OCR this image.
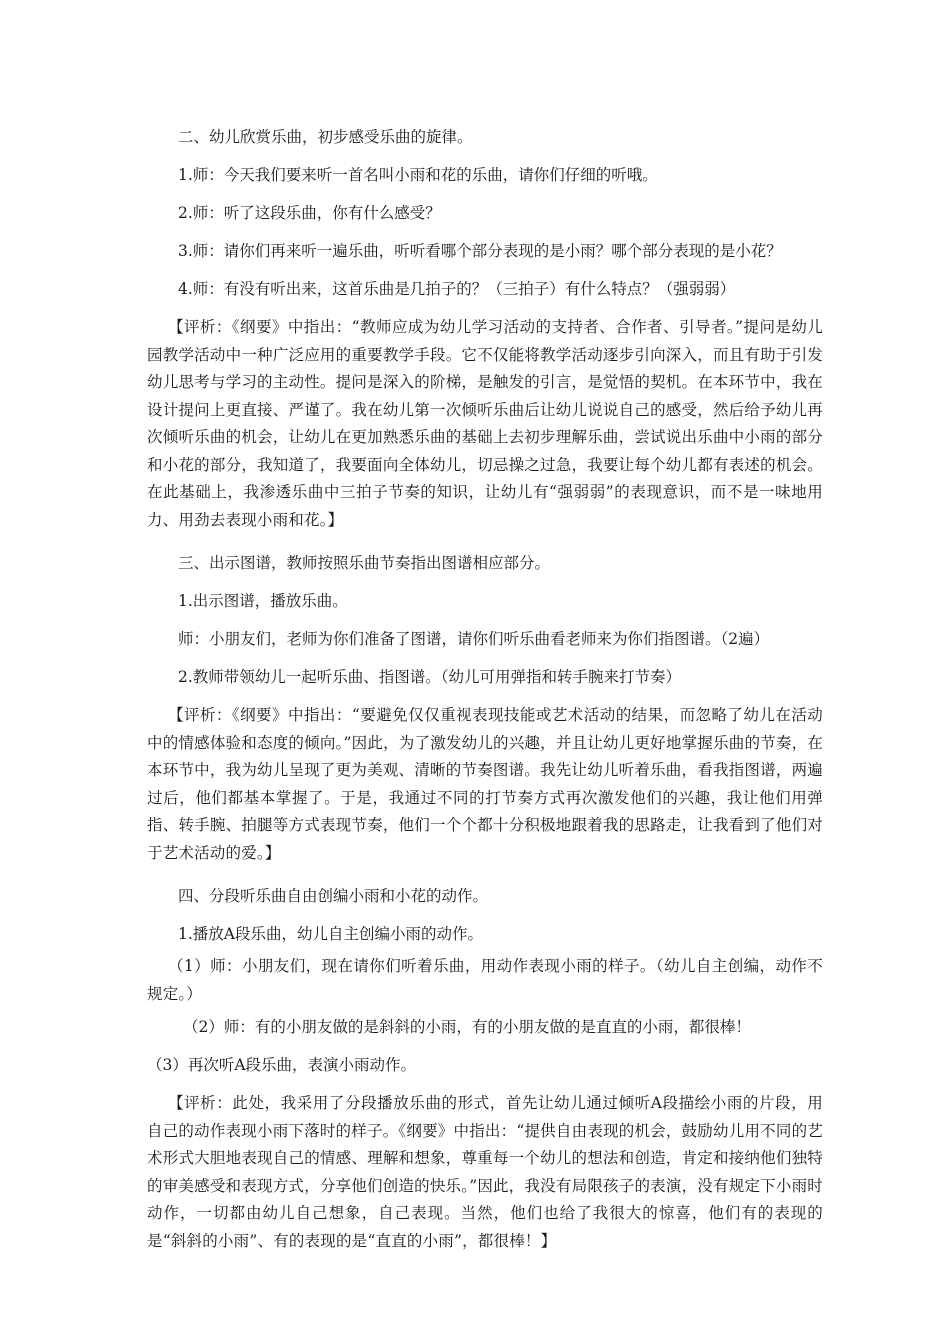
二、幼儿欣赏乐曲，初步感受乐曲的旋律。

1.师：今天我们要来听一首名叫小雨和花的乐曲，请你们仔细的听哦。

2.师：听了这段乐曲，你有什么感受？

3.师：请你们再来听一遍乐曲，听听看哪个部分表现的是小雨？哪个部分表现的是小花？

4.师：有没有听出来，这首乐曲是几拍子的？（三拍子）有什么特点？（强弱弱）

【评析：《纲要》中指出：“教师应成为幼儿学习活动的支持者、合作者、引导者。”提问是幼儿园教学活动中一种广泛应用的重要教学手段。它不仅能将教学活动逐步引向深入，而且有助于引发幼儿思考与学习的主动性。提问是深入的阶梯，是触发的引言，是觉悟的契机。在本环节中，我在设计提问上更直接、严谨了。我在幼儿第一次倾听乐曲后让幼儿说说自己的感受，然后给予幼儿再次倾听乐曲的机会，让幼儿在更加熟悉乐曲的基础上去初步理解乐曲，尝试说出乐曲中小雨的部分和小花的部分，我知道了，我要面向全体幼儿，切忌操之过急，我要让每个幼儿都有表述的机会。在此基础上，我渗透乐曲中三拍子节奏的知识，让幼儿有“强弱弱”的表现意识，而不是一味地用力、用劲去表现小雨和花。】

三、出示图谱，教师按照乐曲节奏指出图谱相应部分。

1.出示图谱，播放乐曲。

师：小朋友们，老师为你们准备了图谱，请你们听乐曲看老师来为你们指图谱。（2遍）

2.教师带领幼儿一起听乐曲、指图谱。（幼儿可用弹指和转手腕来打节奏）

【评析：《纲要》中指出：“要避免仅仅重视表现技能或艺术活动的结果，而忽略了幼儿在活动中的情感体验和态度的倾向。”因此，为了激发幼儿的兴趣，并且让幼儿更好地掌握乐曲的节奏，在本环节中，我为幼儿呈现了更为美观、清晰的节奏图谱。我先让幼儿听着乐曲，看我指图谱，两遍过后，他们都基本掌握了。于是，我通过不同的打节奏方式再次激发他们的兴趣，我让他们用弹指、转手腕、拍腿等方式表现节奏，他们一个个都十分积极地跟着我的思路走，让我看到了他们对于艺术活动的爱。】

四、分段听乐曲自由创编小雨和小花的动作。

1.播放A段乐曲，幼儿自主创编小雨的动作。

（1）师：小朋友们，现在请你们听着乐曲，用动作表现小雨的样子。（幼儿自主创编，动作不规定。）

（2）师：有的小朋友做的是斜斜的小雨，有的小朋友做的是直直的小雨，都很棒！

（3）再次听A段乐曲，表演小雨动作。

【评析：此处，我采用了分段播放乐曲的形式，首先让幼儿通过倾听A段描绘小雨的片段，用自己的动作表现小雨下落时的样子。《纲要》中指出：“提供自由表现的机会，鼓励幼儿用不同的艺术形式大胆地表现自己的情感、理解和想象，尊重每一个幼儿的想法和创造，肯定和接纳他们独特的审美感受和表现方式，分享他们创造的快乐。”因此，我没有局限孩子的表演，没有规定下小雨时动作，一切都由幼儿自己想象，自己表现。当然，他们也给了我很大的惊喜，他们有的表现的是“斜斜的小雨”、有的表现的是“直直的小雨”，都很棒！】
